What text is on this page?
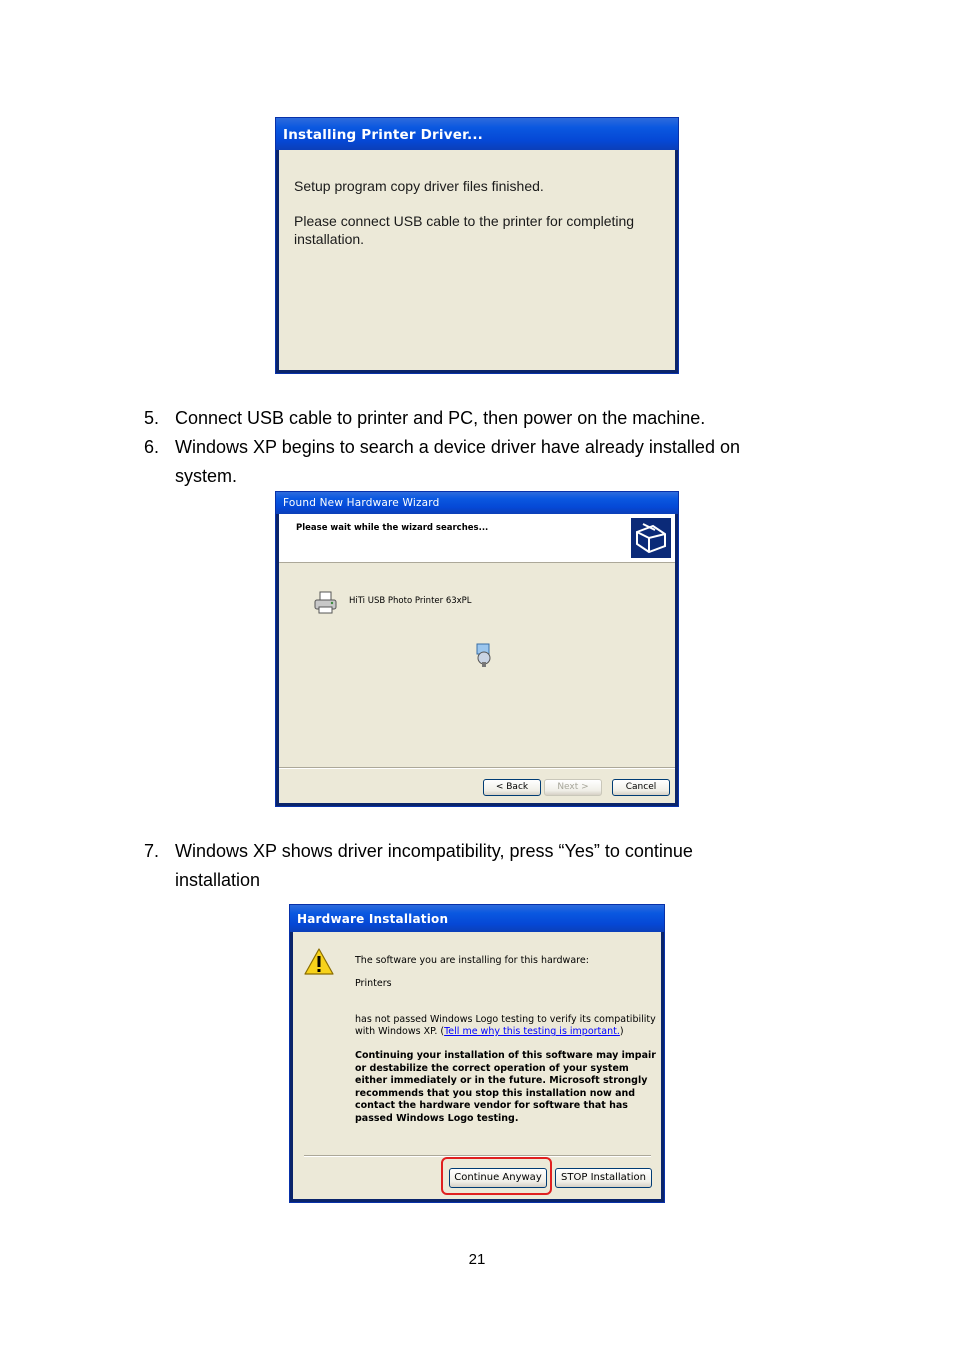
Installing Printer Driver...
Setup program copy driver files finished.
Please connect USB cable to the printer for completing
installation.
5. Connect USB cable to printer and PC, then power on the machine.
6. Windows XP begins to search a device driver have already installed on
system.
Found New Hardware Wizard
Please wait while the wizard searches...
HiTi USB Photo Printer 63xPL
< Back	Next >	Cancel
7. Windows XP shows driver incompatibility, press “Yes” to continue
installation
Hardware Installation
The software you are installing for this hardware:
Printers
has not passed Windows Logo testing to verify its compatibility
with Windows XP. (Tell me why this testing is important.)
Continuing your installation of this software may impair
or destabilize the correct operation of your system
either immediately or in the future. Microsoft strongly
recommends that you stop this installation now and
contact the hardware vendor for software that has
passed Windows Logo testing.
Continue Anyway	STOP Installation
21
